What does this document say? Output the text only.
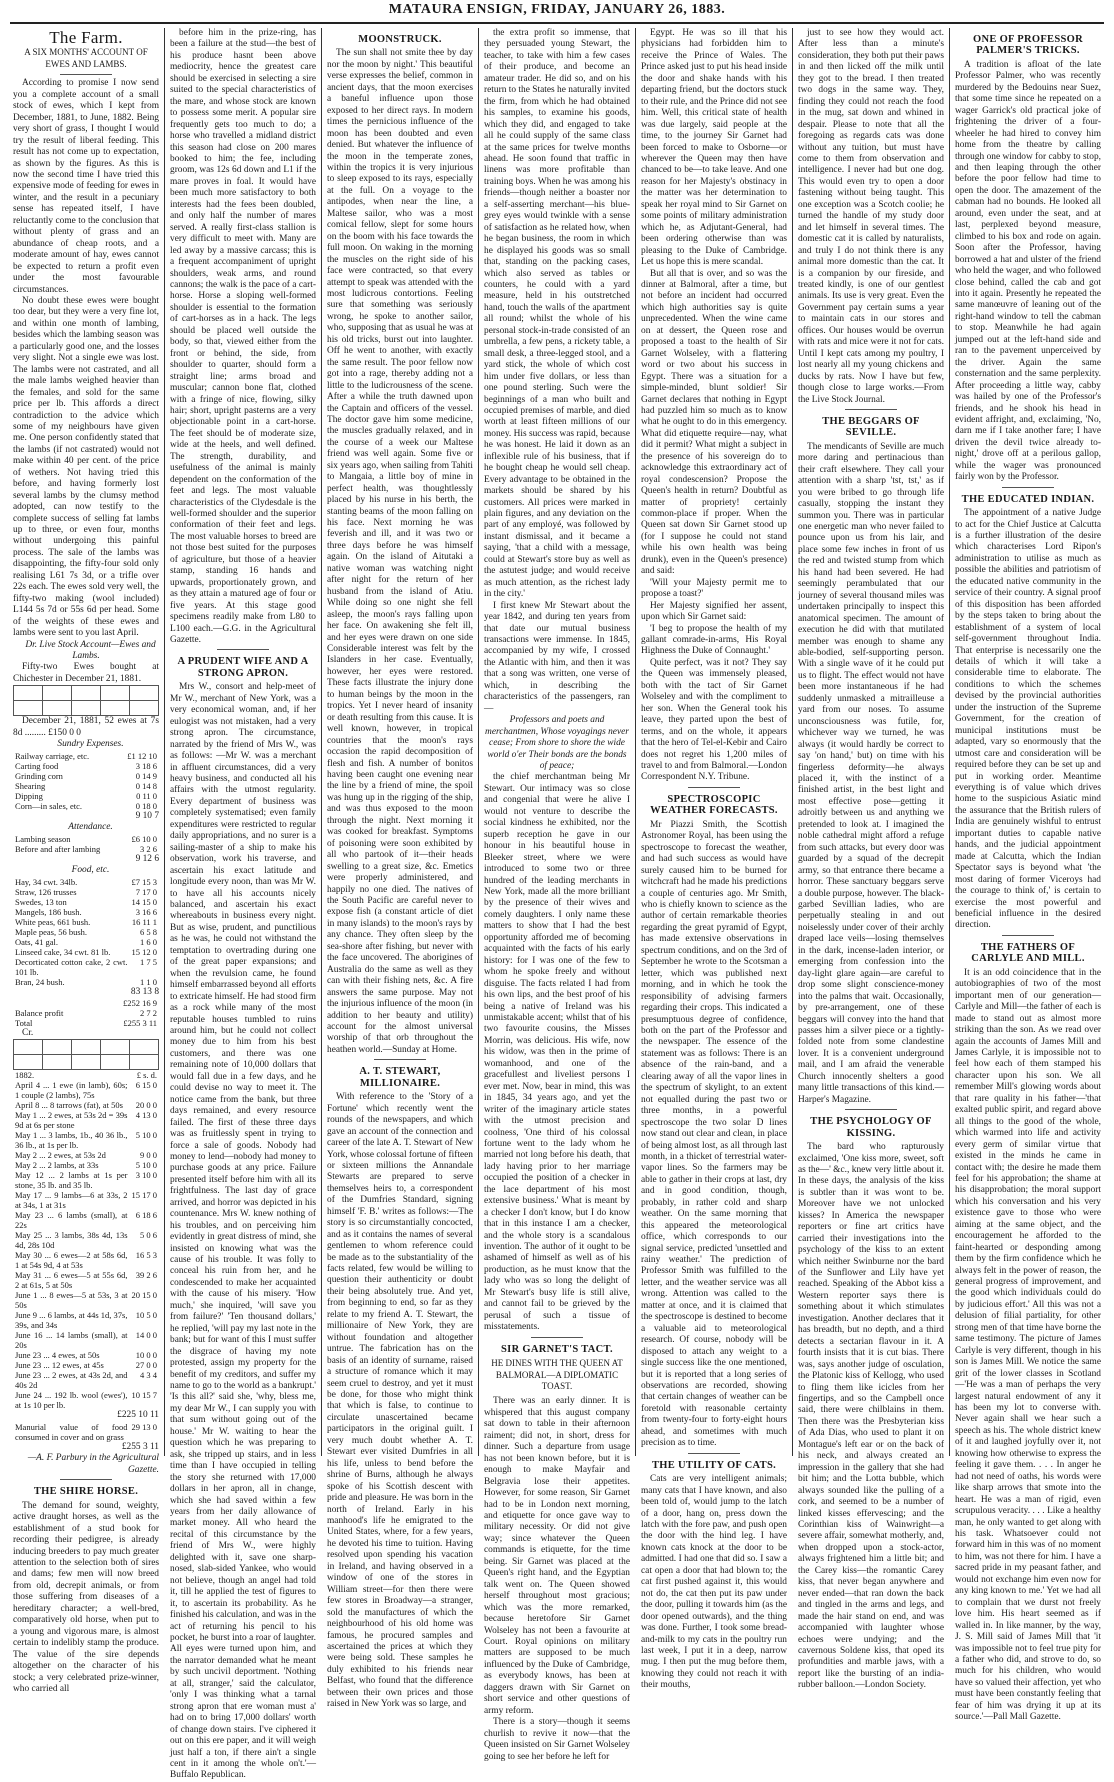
MATAURA ENSIGN, FRIDAY, JANUARY 26, 1883.
The Farm.
A SIX MONTHS' ACCOUNT OF EWES AND LAMBS.

According to promise I now send you a complete account of a small stock of ewes, which I kept from December, 1881, to June, 1882. Being very short of grass, I thought I would try the result of liberal feeding. This result has not come up to expectation, as shown by the figures. As this is now the second time I have tried this expensive mode of feeding for ewes in winter, and the result in a pecuniary sense has repeated itself, I have reluctantly come to the conclusion that without plenty of grass and an abundance of cheap roots, and a moderate amount of hay, ewes cannot be expected to return a profit even under the most favourable circumstances.

No doubt these ewes were bought too dear, but they were a very fine lot, and within one month of lambing, besides which the lambing season was a particularly good one, and the losses very slight. Not a single ewe was lost. The lambs were not castrated, and all the male lambs weighed heavier than the females, and sold for the same price per lb. This affords a direct contradiction to the advice which some of my neighbours have given me. One person confidently stated that the lambs (if not castrated) would not make within 40 per cent. of the price of wethers. Not having tried this before, and having formerly lost several lambs by the clumsy method adopted, can now testify to the complete success of selling fat lambs up to three, or even four, months without undergoing this painful process. The sale of the lambs was disappointing, the fifty-four sold only realising L61 7s 3d, or a trifle over 22s each. The ewes sold very well, the fifty-two making (wool included) L144 5s 7d or 55s 6d per head. Some of the weights of these ewes and lambs were sent to you last April.

Dr. Live Stock Account—Ewes and Lambs.

Fifty-two Ewes bought at Chichester in December 21, 1881.

December 21, 1881, 52 ewes at 7s 8d ......... £150 0 0

Sundry Expenses.

Railway carriage, etc.	£1 12 10
Carting food	3 18 6
Grinding corn	0 14 9
Shearing	0 14 8
Dipping	0 11 0
Corn—in sales, etc.	0 18 0

9 10 7

Attendance.

Lambing season	£6 10 0
Before and after lambing	3 2 6

9 12 6

Food, etc.

Hay, 34 cwt. 34lb.	£7 15 3
Straw, 126 trusses	7 17 0
Swedes, 13 ton	14 15 0
Mangels, 186 bush.	3 16 6
White peas, 661 bush.	16 11 1
Maple peas, 56 bush.	6 5 8
Oats, 41 gal.	1 6 0
Linseed cake, 34 cwt. 81 lb.	15 12 0
Decorticated cotton cake, 2 cwt. 101 lb.	1 7 5
Bran, 24 bush.	1 1 0

83 13 8

	£252 16 9
Balance profit	2 7 2
Total	£255 3 11

Cr.

1882.	£ s. d.
April 4 ... 1 ewe (in lamb), 60s; 1 couple (2 lambs), 75s	6 15 0
April 8 ... 8 tarrows (fat), at 50s	20 0 0
May 1 ... 2 ewes, at 53s 2d = 39s 9d at 6s per stone	4 13 0
May 1 ... 3 lambs, 1b., 40 36 lb., 36 lb., at 1s per lb.	5 10 0
May 2 ... 2 ewes, at 53s 2d	9 0 0
May 2 ... 2 lambs, at 33s	5 10 0
May 12 ... 2 lambs at 1s per stone, 35 lb. and 35 lb.	3 10 0
May 17 ... 9 lambs—6 at 33s, 2 at 34s, 1 at 31s	15 17 0
May 23 ... 6 lambs (small), at 22s	6 18 6
May 25 ... 3 lambs, 38s 4d, 13s 4d, 28s 10d	5 0 6
May 30 ... 6 ewes—2 at 58s 6d, 1 at 54s 9d, 4 at 53s	16 5 3
May 31 ... 6 ewes—5 at 55s 6d, 2 at 61s, 5 at 50s	39 2 6
June 1 ... 8 ewes—5 at 53s, 3 at 50s	20 15 0
June 9 ... 6 lambs, at 44s 1d, 37s, 39s, and 34s	10 5 0
June 16 ... 14 lambs (small), at 20s	14 0 0
June 23 ... 4 ewes, at 50s	10 0 0
June 23 ... 12 ewes, at 45s	27 0 0
June 23 ... 2 ewes, at 43s 2d, and 40s 2d	4 3 4
June 24 ... 192 lb. wool (ewes'), at 1s 10 per lb.	10 15 7

£225 10 11

Manurial value of food consumed in cover and on grass	29 13 0

£255 3 11

—A. F. Parbury in the Agricultural Gazette.

THE SHIRE HORSE.

The demand for sound, weighty, active draught horses, as well as the establishment of a stud book for recording their pedigree, is already inducing breeders to pay much greater attention to the selection both of sires and dams; few men will now breed from old, decrepit animals, or from those suffering from diseases of a hereditary character; a well-bred, comparatively old horse, when put to a young and vigorous mare, is almost certain to indelibly stamp the produce. The value of the sire depends altogether on the character of his stock; a very celebrated prize-winner, who carried all

before him in the prize-ring, has been a failure at the stud—the best of his produce hasnt been above mediocrity, hence the greatest care should be exercised in selecting a sire suited to the special characteristics of the mare, and whose stock are known to possess some merit. A popular sire frequently gets too much to do; a horse who travelled a midland district this season had close on 200 mares booked to him; the fee, including groom, was 12s 6d down and L1 if the mare proves in foal. It would have been much more satisfactory to both interests had the fees been doubled, and only half the number of mares served. A really first-class stallion is very difficult to meet with. Many are led away by a massive carcass; this is a frequent accompaniment of upright shoulders, weak arms, and round cannons; the walk is the pace of a cart-horse. Horse a sloping well-formed shoulder is essential to the formation of cart-horses as in a hack. The legs should be placed well outside the body, so that, viewed either from the front or behind, the side, from shoulder to quarter, should form a straight line; arms broad and muscular; cannon bone flat, clothed with a fringe of nice, flowing, silky hair; short, upright pasterns are a very objectionable point in a cart-horse. The feet should be of moderate size, wide at the heels, and well defined. The strength, durability, and usefulness of the animal is mainly dependent on the conformation of the feet and legs. The most valuable characteristics of the Clydesdale is the well-formed shoulder and the superior conformation of their feet and legs. The most valuable horses to breed are not those best suited for the purposes of agriculture, but those of a heavier stamp, standing 16 hands and upwards, proportionately grown, and as they attain a matured age of four or five years. At this stage good specimens readily make from L80 to L100 each.—G.G. in the Agricultural Gazette.

A PRUDENT WIFE AND A STRONG APRON.

Mrs W., consort and help-meet of Mr W., merchant of New York, was a very economical woman, and, if her eulogist was not mistaken, had a very strong apron. The circumstance, narrated by the friend of Mrs W., was as follows: —Mr W. was a merchant in affluent circumstances, did a very heavy business, and conducted all his affairs with the utmost regularity. Every department of business was completely systematised; even family expenditures were restricted to regular daily appropriations, and no surer is a sailing-master of a ship to make his observation, work his traverse, and ascertain his exact latitude and longitude every noon, than was Mr W. to have all his accounts nicely balanced, and ascertain his exact whereabouts in business every night. But as wise, prudent, and punctilious as he was, he could not withstand the temptation to overtrading during one of the great paper expansions; and when the revulsion came, he found himself embarrassed beyond all efforts to extricate himself. He had stood firm as a rock while many of the most reputable houses tumbled to ruins around him, but he could not collect money due to him from his best customers, and there was one remaining note of 10,000 dollars that would fall due in a few days, and he could devise no way to meet it. The notice came from the bank, but three days remained, and every resource failed. The first of these three days was as fruitlessly spent in trying to force a sale of goods. Nobody had money to lend—nobody had money to purchase goods at any price. Failure presented itself before him with all its frightfulness. The last day of grace arrived, and horror was depicted in his countenance. Mrs W. knew nothing of his troubles, and on perceiving him evidently in great distress of mind, she insisted on knowing what was the cause of his trouble. It was folly to conceal his ruin from her, and he condescended to make her acquainted with the cause of his misery. 'How much,' she inquired, 'will save you from failure?' 'Ten thousand dollars,' he replied, 'will pay my last note in the bank; but for want of this I must suffer the disgrace of having my note protested, assign my property for the benefit of my creditors, and suffer my name to go to the world as a bankrupt.' 'Is this all?' said she, 'why, bless me, my dear Mr W., I can supply you with that sum without going out of the house.' Mr W. waiting to hear the question which he was preparing to ask, she tripped up stairs, and in less time than I have occupied in telling the story she returned with 17,000 dollars in her apron, all in change, which she had saved within a few years from her daily allowance of market money. All who heard the recital of this circumstance by the friend of Mrs W., were highly delighted with it, save one sharp-nosed, slab-sided Yankee, who would not believe, though an angel had told it, till he applied the test of figures to it, to ascertain its probability. As he finished his calculation, and was in the act of returning his pencil to his pocket, he burst into a roar of laughter. All eyes were turned upon him, and the narrator demanded what he meant by such uncivil deportment. 'Nothing at all, stranger,' said the calculator, 'only I was thinking what a tarnal strong apron that ere woman must a' had on to bring 17,000 dollars' worth of change down stairs. I've ciphered it out on this ere paper, and it will weigh just half a ton, if there ain't a single cent in it among the whole on't.'—Buffalo Republican.

MOONSTRUCK.

The sun shall not smite thee by day nor the moon by night.' This beautiful verse expresses the belief, common in ancient days, that the moon exercises a baneful influence upon those exposed to her direct rays. In modern times the pernicious influence of the moon has been doubted and even denied. But whatever the influence of the moon in the temperate zones, within the tropics it is very injurious to sleep exposed to its rays, especially at the full. On a voyage to the antipodes, when near the line, a Maltese sailor, who was a most comical fellow, slept for some hours on the boom with his face towards the full moon. On waking in the morning the muscles on the right side of his face were contracted, so that every attempt to speak was attended with the most ludicrous contortions. Feeling sure that something was seriously wrong, he spoke to another sailor, who, supposing that as usual he was at his old tricks, burst out into laughter. Off he went to another, with exactly the same result. The poor fellow now got into a rage, thereby adding not a little to the ludicrousness of the scene. After a while the truth dawned upon the Captain and officers of the vessel. The doctor gave him some medicine, the muscles gradually relaxed, and in the course of a week our Maltese friend was well again. Some five or six years ago, when sailing from Tahiti to Mangaia, a little boy of mine in perfect health, was thoughtlessly placed by his nurse in his berth, the stanting beams of the moon falling on his face. Next morning he was feverish and ill, and it was two or three days before he was himself again. On the island of Aitutaki a native woman was watching night after night for the return of her husband from the island of Atiu. While doing so one night she fell asleep, the moon's rays falling upon her face. On awakening she felt ill, and her eyes were drawn on one side Considerable interest was felt by the Islanders in her case. Eventually, however, her eyes were restored. These facts illustrate the injury done to human beings by the moon in the tropics. Yet I never heard of insanity or death resulting from this cause. It is well known, however, in tropical countries that the moon's rays occasion the rapid decomposition of flesh and fish. A number of bonitos having been caught one evening near the line by a friend of mine, the spoil was hung up in the rigging of the ship, and was thus exposed to the moon through the night. Next morning it was cooked for breakfast. Symptoms of poisoning were soon exhibited by all who partook of it—their heads swelling to a great size, &c. Emetics were properly administered, and happily no one died. The natives of the South Pacific are careful never to expose fish (a constant article of diet in many islands) to the moon's rays by any chance. They often sleep by the sea-shore after fishing, but never with the face uncovered. The aborigines of Australia do the same as well as they can with their fishing nets, &c. A fire answers the same purpose. May not the injurious influence of the moon (in addition to her beauty and utility) account for the almost universal worship of that orb throughout the heathen world.—Sunday at Home.

A. T. STEWART, MILLIONAIRE.

With reference to the 'Story of a Fortune' which recently went the rounds of the newspapers, and which gave an account of the connection and career of the late A. T. Stewart of New York, whose colossal fortune of fifteen or sixteen millions the Annandale Stewarts are prepared to serve themselves heirs to, a correspondent of the Dumfries Standard, signing himself 'F. B.' writes as follows:—The story is so circumstantially concocted, and as it contains the names of several gentlemen to whom reference could be made as to the substantiality of the facts related, few would be willing to question their authenticity or doubt their being absolutely true. And yet, from beginning to end, so far as they relate to my friend A. T. Stewart, the millionaire of New York, they are without foundation and altogether untrue. The fabrication has on the basis of an identity of surname, raised a structure of romance which it may seem cruel to destroy, and yet it must be done, for those who might think that which is false, to continue to circulate unascertained became participators in the original guilt. I very much doubt whether A. T. Stewart ever visited Dumfries in all his life, unless to bend before the shrine of Burns, although he always spoke of his Scottish descent with pride and pleasure. He was born in the north of Ireland. Early in his manhood's life he emigrated to the United States, where, for a few years, he devoted his time to tuition. Having resolved upon spending his vacation in Ireland, and having observed in a window of one of the stores in William street—for then there were few stores in Broadway—a stranger, sold the manufactures of which the neighbourhood of his old home was famous, he procured samples and ascertained the prices at which they were being sold. These samples he duly exhibited to his friends near Belfast, who found that the difference between their own prices and those raised in New York was so large, and

the extra profit so immense, that they persuaded young Stewart, the teacher, to take with him a few cases of their produce, and become an amateur trader. He did so, and on his return to the States he naturally invited the firm, from which he had obtained his samples, to examine his goods, which they did, and engaged to take all he could supply of the same class at the same prices for twelve months ahead. He soon found that traffic in linens was more profitable than training boys. When he was among his friends—though neither a boaster nor a self-asserting merchant—his blue-grey eyes would twinkle with a sense of satisfaction as he related how, when he began business, the room in which he displayed his goods was so small that, standing on the packing cases, which also served as tables or counters, he could with a yard measure, held in his outstretched hand, touch the walls of the apartment all round; whilst the whole of his personal stock-in-trade consisted of an umbrella, a few pens, a rickety table, a small desk, a three-legged stool, and a yard stick, the whole of which cost him under five dollars, or less than one pound sterling. Such were the beginnings of a man who built and occupied premises of marble, and died worth at least fifteen millions of our money. His success was rapid, because he was honest. He laid it down as an inflexible rule of his business, that if he bought cheap he would sell cheap. Every advantage to be obtained in the markets should be shared by his customers. All prices were marked in plain figures, and any deviation on the part of any employé, was followed by instant dismissal, and it became a saying, 'that a child with a message, could at Stewart's store buy as well as the astutest judge; and would receive as much attention, as the richest lady in the city.'

I first knew Mr Stewart about the year 1842, and during ten years from that date our mutual business transactions were immense. In 1845, accompanied by my wife, I crossed the Atlantic with him, and then it was that a song was written, one verse of which, in describing the characteristics of the passengers, ran—

Professors and poets and merchantmen, Whose voyagings never cease; From shore to shore the wide world o'er Their bonds are the bonds of peace;

the chief merchantman being Mr Stewart. Our intimacy was so close and congenial that were he alive I would not venture to describe the social kindness he exhibited, nor the superb reception he gave in our honour in his beautiful house in Bleeker street, where we were introduced to some two or three hundred of the leading merchants in New York, made all the more brilliant by the presence of their wives and comely daughters. I only name these matters to show that I had the best opportunity afforded me of becoming acquainted with the facts of his early history: for I was one of the few to whom he spoke freely and without disguise. The facts related I had from his own lips, and the best proof of his being a native of Ireland was his unmistakable accent; whilst that of his two favourite cousins, the Misses Morrin, was delicious. His wife, now his widow, was then in the prime of womanhood, and one of the gracefullest and liveliest persons I ever met. Now, bear in mind, this was in 1845, 34 years ago, and yet the writer of the imaginary article states with the utmost precision and coolness, 'One third of his colossal fortune went to the lady whom he married not long before his death, that lady having prior to her marriage occupied the position of a checker in the lace department of his most extensive business.' What is meant by a checker I don't know, but I do know that in this instance I am a checker, and the whole story is a scandalous invention. The author of it ought to be ashamed of himself as well as of his production, as he must know that the lady who was so long the delight of Mr Stewart's busy life is still alive, and cannot fail to be grieved by the perusal of such a tissue of misstatements.

SIR GARNET'S TACT.
HE DINES WITH THE QUEEN AT BALMORAL—A DIPLOMATIC TOAST.

There was an early dinner. It is whispered that this august company sat down to table in their afternoon raiment; did not, in short, dress for dinner. Such a departure from usage has not been known before, but it is enough to make Mayfair and Belgravia lose their appetites. However, for some reason, Sir Garnet had to be in London next morning, and etiquette for once gave way to military necessity. Or did not give way; since whatever the Queen commands is etiquette, for the time being. Sir Garnet was placed at the Queen's right hand, and the Egyptian talk went on. The Queen showed herself throughout most gracious; which was the more remarked, because heretofore Sir Garnet Wolseley has not been a favourite at Court. Royal opinions on military matters are supposed to be much influenced by the Duke of Cambridge, as everybody knows, has been at daggers drawn with Sir Garnet on short service and other questions of army reform.

There is a story—though it seems churlish to revive it now—that the Queen insisted on Sir Garnet Wolseley going to see her before he left for

Egypt. He was so ill that his physicians had forbidden him to receive the Prince of Wales. The Prince asked just to put his head inside the door and shake hands with his departing friend, but the doctors stuck to their rule, and the Prince did not see him. Well, this critical state of health was due largely, said people at the time, to the journey Sir Garnet had been forced to make to Osborne—or wherever the Queen may then have chanced to be—to take leave. And one reason for her Majesty's obstinacy in the matter was her determination to speak her royal mind to Sir Garnet on some points of military administration which he, as Adjutant-General, had been ordering otherwise than was pleasing to the Duke of Cambridge. Let us hope this is mere scandal.

But all that is over, and so was the dinner at Balmoral, after a time, but not before an incident had occurred which high authorities say is quite unprecedented. When the wine came on at dessert, the Queen rose and proposed a toast to the health of Sir Garnet Wolseley, with a flattering word or two about his success in Egypt. There was a situation for a simple-minded, blunt soldier! Sir Garnet declares that nothing in Egypt had puzzled him so much as to know what he ought to do in this emergency. What did etiquette require—nay, what did it permit? What might a subject in the presence of his sovereign do to acknowledge this extraordinary act of royal condescension? Propose the Queen's health in return? Doubtful as matter of propriety! certainly common-place if proper. When the Queen sat down Sir Garnet stood up (for I suppose he could not stand while his own health was being drunk), even in the Queen's presence) and said:

'Will your Majesty permit me to propose a toast?'

Her Majesty signified her assent, upon which Sir Garnet said:

'I beg to propose the health of my gallant comrade-in-arms, His Royal Highness the Duke of Connaught.'

Quite perfect, was it not? They say the Queen was immensely pleased, both with the tact of Sir Garnet Wolseley and with the compliment to her son. When the General took his leave, they parted upon the best of terms, and on the whole, it appears that the hero of Tel-el-Kebir and Cairo does not regret his 1,200 miles of travel to and from Balmoral.—London Correspondent N.Y. Tribune.

SPECTROSCOPIC WEATHER FORECASTS.

Mr Piazzi Smith, the Scottish Astronomer Royal, has been using the spectroscope to forecast the weather, and had such success as would have surely caused him to be burned for witchcraft had he made his predictions a couple of centuries ago. Mr Smith, who is chiefly known to science as the author of certain remarkable theories regarding the great pyramid of Egypt, has made extensive observations in spectrum conditions, and on the 3rd of September he wrote to the Scotsman a letter, which was published next morning, and in which he took the responsibility of advising farmers regarding their crops. This indicated a presumptuous degree of confidence, both on the part of the Professor and the newspaper. The essence of the statement was as follows: There is an absence of the rain-band, and a clearing away of all the vapor lines in the spectrum of skylight, to an extent not equalled during the past two or three months, in a powerful spectroscope the two solar D lines now stand out clear and clean, in place of being almost lost, as all through last month, in a thicket of terrestrial water-vapor lines. So the farmers may be able to gather in their crops at last, dry and in good condition, though, probably, in rather cold and sharp weather. On the same morning that this appeared the meteorological office, which corresponds to our signal service, predicted 'unsettled and rainy weather.' The prediction of Professor Smith was fulfilled to the letter, and the weather service was all wrong. Attention was called to the matter at once, and it is claimed that the spectroscope is destined to become a valuable aid to meteorological research. Of course, nobody will be disposed to attach any weight to a single success like the one mentioned, but it is reported that a long series of observations are recorded, showing that certain changes of weather can be foretold with reasonable certainty from twenty-four to forty-eight hours ahead, and sometimes with much precision as to time.

THE UTILITY OF CATS.

Cats are very intelligent animals; many cats that I have known, and also been told of, would jump to the latch of a door, hang on, press down the latch with the fore paw, and push open the door with the hind leg. I have known cats knock at the door to be admitted. I had one that did so. I saw a cat open a door that had blown to; the cat first pushed against it, this would not do, the cat then put its paw under the door, pulling it towards him (as the door opened outwards), and the thing was done. Further, I took some bread-and-milk to my cats in the poultry run last week, I put it in a deep, narrow mug. I then put the mug before them, knowing they could not reach it with their mouths,

just to see how they would act. After less than a minute's consideration, they both put their paws in and then licked off the milk until they got to the bread. I then treated two dogs in the same way. They, finding they could not reach the food in the mug, sat down and whined in despair. Please to note that all the foregoing as regards cats was done without any tuition, but must have come to them from observation and intelligence. I never had but one dog. This would even try to open a door fastening without being taught. This one exception was a Scotch coolie; he turned the handle of my study door and let himself in several times. The domestic cat it is called by naturalists, and truly I do not think there is any animal more domestic than the cat. It is a companion by our fireside, and treated kindly, is one of our gentlest animals. Its use is very great. Even the Government pay certain sums a year to maintain cats in our stores and offices. Our houses would be overrun with rats and mice were it not for cats. Until I kept cats among my poultry, I lost nearly all my young chickens and ducks by rats. Now I have but few, though close to large works.—From the Live Stock Journal.

THE BEGGARS OF SEVILLE.

The mendicants of Seville are much more daring and pertinacious than their craft elsewhere. They call your attention with a sharp 'tst, tst,' as if you were bribed to go through life casually, stopping the instant they summon you. There was in particular one energetic man who never failed to pounce upon us from his lair, and place some few inches in front of us the red and twisted stump from which his hand had been severed. He had seemingly perambulated that our journey of several thousand miles was undertaken principally to inspect this anatomical specimen. The amount of execution he did with that mutilated member was enough to shame any able-bodied, self-supporting person. With a single wave of it he could put us to flight. The effect would not have been more instantaneous if he had suddenly unmasked a mitrailleuse a yard from our noses. To assume unconsciousness was futile, for, whichever way we turned, he was always (it would hardly be correct to say 'on hand,' but) on time with his fingerless deformity—he always placed it, with the instinct of a finished artist, in the best light and most effective pose—getting it adroitly between us and anything we pretended to look at. I imagined the noble cathedral might afford a refuge from such attacks, but every door was guarded by a squad of the decrepit army, so that entrance there became a horror. These sanctuary beggars serve a double purpose, however. The black-garbed Sevillian ladies, who are perpetually stealing in and out noiselessly under cover of their archly draped lace veils—losing themselves in the dark, incense-laden interior, or emerging from confession into the day-light glare again—are careful to drop some slight conscience-money into the palms that wait. Occasionally, by pre-arrangement, one of these beggars will convey into the hand that passes him a silver piece or a tightly-folded note from some clandestine lover. It is a convenient underground mail, and I am afraid the venerable Church innocently shelters a good many little transactions of this kind.—Harper's Magazine.

THE PSYCHOLOGY OF KISSING.

The bard who rapturously exclaimed, 'One kiss more, sweet, soft as the—' &c., knew very little about it. In these days, the analysis of the kiss is subtler than it was wont to be. Moreover have we not unlocked kisses? In America the newspaper reporters or fine art critics have carried their investigations into the psychology of the kiss to an extent which neither Swinburne nor the bard of the Sunflower and Lily have yet reached. Speaking of the Abbot kiss a Western reporter says there is something about it which stimulates investigation. Another declares that it has breadth, but no depth, and a third detects a sectarian flavour in it. A fourth insists that it is cut bias. There was, says another judge of osculation, the Platonic kiss of Kellogg, who used to fling them like icicles from her fingertips, and so the Campbell once said, there were chilblains in them. Then there was the Presbyterian kiss of Ada Dias, who used to plant it on Montague's left ear or on the back of his neck, and always created an impression in the gallery that she had bit him; and the Lotta bubble, which always sounded like the pulling of a cork, and seemed to be a number of linked kisses effervescing; and the Corinthian kiss of Wainwright—a severe affair, somewhat motherly, and, when dropped upon a stock-actor, always frightened him a little bit; and the Carey kiss—the romantic Carey kiss, that never began anywhere and never ended—that ran down the back and tingled in the arms and legs, and made the hair stand on end, and was accompanied with laughter whose echoes were undying; and the cavernous Soldene kiss, that oped its profundities and marble jaws, with a report like the bursting of an india-rubber balloon.—London Society.

ONE OF PROFESSOR PALMER'S TRICKS.

A tradition is afloat of the late Professor Palmer, who was recently murdered by the Bedouins near Suez, that some time since he repeated on a wager Garrick's old practical joke of frightening the driver of a four-wheeler he had hired to convey him home from the theatre by calling through one window for cabby to stop, and then leaping through the other before the poor fellow had time to open the door. The amazement of the cabman had no bounds. He looked all around, even under the seat, and at last, perplexed beyond measure, climbed to his box and rode on again. Soon after the Professor, having borrowed a hat and ulster of the friend who held the wager, and who followed close behind, called the cab and got into it again. Presently he repeated the same manœuvre of leaning out of the right-hand window to tell the cabman to stop. Meanwhile he had again jumped out at the left-hand side and ran to the pavement unperceived by the driver. Again the same consternation and the same perplexity. After proceeding a little way, cabby was hailed by one of the Professor's friends, and he shook his head in evident affright, and, exclaiming, 'No, darn me if I take another fare; I have driven the devil twice already to-night,' drove off at a perilous gallop, while the wager was pronounced fairly won by the Professor.

THE EDUCATED INDIAN.

The appointment of a native Judge to act for the Chief Justice at Calcutta is a further illustration of the desire which characterises Lord Ripon's administration to utilise as much as possible the abilities and patriotism of the educated native community in the service of their country. A signal proof of this disposition has been afforded by the steps taken to bring about the establishment of a system of local self-government throughout India. That enterprise is necessarily one the details of which it will take a considerable time to elaborate. The conditions to which the schemes devised by the provincial authorities under the instruction of the Supreme Government, for the creation of municipal institutions must be adapted, vary so enormously that the utmost care and consideration will be required before they can be set up and put in working order. Meantime everything is of value which drives home to the suspicious Asiatic mind the assurance that the British rulers of India are genuinely wishful to entrust important duties to capable native hands, and the judicial appointment made at Calcutta, which the Indian Spectator says is beyond what 'the most daring of former Viceroys had the courage to think of,' is certain to exercise the most powerful and beneficial influence in the desired direction.

THE FATHERS OF CARLYLE AND MILL.

It is an odd coincidence that in the autobiographies of two of the most important men of our generation—Carlyle and Mill—the father of each is made to stand out as almost more striking than the son. As we read over again the accounts of James Mill and James Carlyle, it is impossible not to feel how each of them stamped his character upon his son. We all remember Mill's glowing words about that rare quality in his father—'that exalted public spirit, and regard above all things to the good of the whole, which warmed into life and activity every germ of similar virtue that existed in the minds he came in contact with; the desire he made them feel for his approbation; the shame at his disapprobation; the moral support which his conversation and his very existence gave to those who were aiming at the same object, and the encouragement he afforded to the faint-hearted or desponding among them by the firm confidence which he always felt in the power of reason, the general progress of improvement, and the good which individuals could do by judicious effort.' All this was not a delusion of filial partiality, for other strong men of that time have borne the same testimony. The picture of James Carlyle is very different, though in his son is James Mill. We notice the same grit of the lower classes in Scotland—'He was a man of perhaps the very largest natural endowment of any it has been my lot to converse with. Never again shall we hear such a speech as his. The whole district knew of it and laughed joyfully over it, not knowing how otherwise to express the feeling it gave them. . . . In anger he had not need of oaths, his words were like sharp arrows that smote into the heart. He was a man of rigid, even scrupulous veracity. . . . Like a healthy man, he only wanted to get along with his task. Whatsoever could not forward him in this was of no moment to him, was not there for him. I have a sacred pride in my peasant father, and would not exchange him even now for any king known to me.' Yet we had all to complain that we durst not freely love him. His heart seemed as if walled in. In like manner, by the way, J. S. Mill said of James Mill that 'it was impossible not to feel true pity for a father who did, and strove to do, so much for his children, who would have so valued their affection, yet who must have been constantly feeling that fear of him was drying it up at its source.'—Pall Mall Gazette.
